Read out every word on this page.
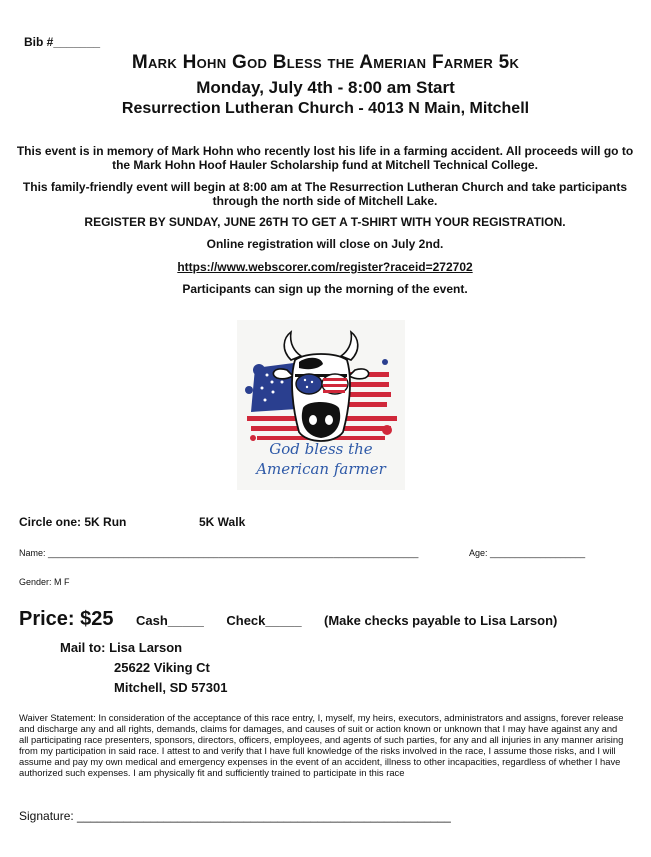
Bib #_______
Mark Hohn God Bless the Amerian Farmer 5k
Monday, July 4th - 8:00 am Start
Resurrection Lutheran Church - 4013 N Main, Mitchell
This event is in memory of Mark Hohn who recently lost his life in a farming accident. All proceeds will go to the Mark Hohn Hoof Hauler Scholarship fund at Mitchell Technical College.
This family-friendly event will begin at 8:00 am at The Resurrection Lutheran Church and take participants through the north side of Mitchell Lake.
REGISTER BY SUNDAY, JUNE 26TH TO GET A T-SHIRT WITH YOUR REGISTRATION.
Online registration will close on July 2nd.
https://www.webscorer.com/register?raceid=272702
Participants can sign up the morning of the event.
God bless the
American farmer
Circle one: 5K Run	5K Walk
Name: __________________________________________________________________________	Age: ___________________
Gender: M F
Price: $25 Cash_____ Check_____ (Make checks payable to Lisa Larson)
Mail to: Lisa Larson
25622 Viking Ct
Mitchell, SD 57301
Waiver Statement: In consideration of the acceptance of this race entry, I, myself, my heirs, executors, administrators and assigns, forever release and discharge any and all rights, demands, claims for damages, and causes of suit or action known or unknown that I may have against any and all participating race presenters, sponsors, directors, officers, employees, and agents of such parties, for any and all injuries in any manner arising from my participation in said race. I attest to and verify that I have full knowledge of the risks involved in the race, I assume those risks, and I will assume and pay my own medical and emergency expenses in the event of an accident, illness to other incapacities, regardless of whether I have authorized such expenses. I am physically fit and sufficiently trained to participate in this race
Signature: ________________________________________________________
